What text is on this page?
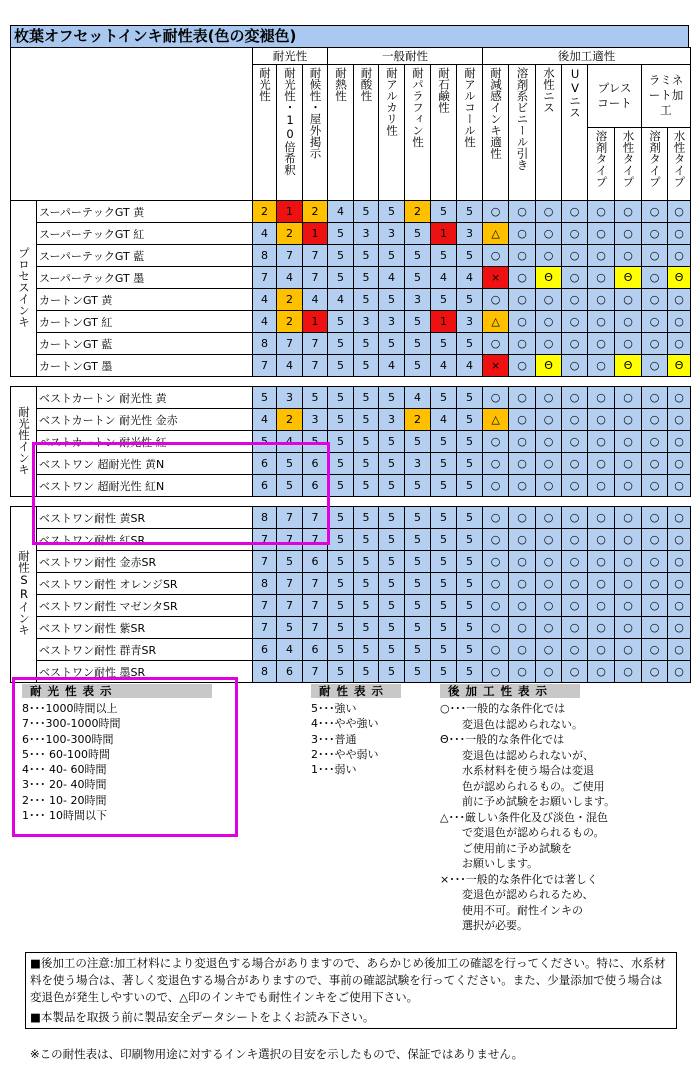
枚葉オフセットインキ耐性表(色の変褪色)
		耐光性			一般耐性						後加工適性							
		耐光性	耐光性・10倍希釈	耐候性・屋外掲示	耐熱性	耐酸性	耐アルカリ性	耐パラフィン性	耐石鹸性	耐アルコール性	耐減感インキ適性	溶剤系ビニール引き	水性ニス	UVニス	プレスコート		ラミネート加工	
															溶剤タイプ	水性タイプ	溶剤タイプ	水性タイプ
プロセスインキ	スーパーテックGT 黄	2	1	2	4	5	5	2	5	5	○	○	○	○	○	○	○	○
	スーパーテックGT 紅	4	2	1	5	3	3	5	1	3	△	○	○	○	○	○	○	○
	スーパーテックGT 藍	8	7	7	5	5	5	5	5	5	○	○	○	○	○	○	○	○
	スーパーテックGT 墨	7	4	7	5	5	4	5	4	4	×	○	Θ	○	○	Θ	○	Θ
	カートンGT 黄	4	2	4	4	5	5	3	5	5	○	○	○	○	○	○	○	○
	カートンGT 紅	4	2	1	5	3	3	5	1	3	△	○	○	○	○	○	○	○
	カートンGT 藍	8	7	7	5	5	5	5	5	5	○	○	○	○	○	○	○	○
	カートンGT 墨	7	4	7	5	5	4	5	4	4	×	○	Θ	○	○	Θ	○	Θ

耐光性インキ	ベストカートン 耐光性 黄	5	3	5	5	5	5	4	5	5	○	○	○	○	○	○	○	○
	ベストカートン 耐光性 金赤	4	2	3	5	5	3	2	4	5	△	○	○	○	○	○	○	○
	ベストカートン 耐光性 紅	5	4	5	5	5	5	5	5	5	○	○	○	○	○	○	○	○
	ベストワン 超耐光性 黄N	6	5	6	5	5	5	3	5	5	○	○	○	○	○	○	○	○
	ベストワン 超耐光性 紅N	6	5	6	5	5	5	5	5	5	○	○	○	○	○	○	○	○

耐性SRインキ	ベストワン耐性 黄SR	8	7	7	5	5	5	5	5	5	○	○	○	○	○	○	○	○
	ベストワン耐性 紅SR	7	7	7	5	5	5	5	5	5	○	○	○	○	○	○	○	○
	ベストワン耐性 金赤SR	7	5	6	5	5	5	5	5	5	○	○	○	○	○	○	○	○
	ベストワン耐性 オレンジSR	8	7	7	5	5	5	5	5	5	○	○	○	○	○	○	○	○
	ベストワン耐性 マゼンタSR	7	7	7	5	5	5	5	5	5	○	○	○	○	○	○	○	○
	ベストワン耐性 紫SR	7	5	7	5	5	5	5	5	5	○	○	○	○	○	○	○	○
	ベストワン耐性 群青SR	6	4	6	5	5	5	5	5	5	○	○	○	○	○	○	○	○
	ベストワン耐性 墨SR	8	6	7	5	5	5	5	5	5	○	○	○	○	○	○	○	○
耐光性表示
8･･･1000時間以上
7･･･300-1000時間
6･･･100-300時間
5･･･ 60-100時間
4･･･ 40- 60時間
3･･･ 20- 40時間
2･･･ 10- 20時間
1･･･ 10時間以下
耐性表示
5･･･強い
4･･･やや強い
3･･･普通
2･･･やや弱い
1･･･弱い
後加工性表示
○･･･一般的な条件化では
　　変退色は認められない。
Θ･･･一般的な条件化では
　　変退色は認められないが、
　　水系材料を使う場合は変退
　　色が認められるもの。ご使用
　　前に予め試験をお願いします。
△･･･厳しい条件化及び淡色・混色
　　で変退色が認められるもの。
　　ご使用前に予め試験を
　　お願いします。
×･･･一般的な条件化では著しく
　　変退色が認められるため、
　　使用不可。耐性インキの
　　選択が必要。
■後加工の注意:加工材料により変退色する場合がありますので、あらかじめ後加工の確認を行ってください。特に、水系材料を使う場合は、著しく変退色する場合がありますので、事前の確認試験を行ってください。また、少量添加で使う場合は変退色が発生しやすいので、△印のインキでも耐性インキをご使用下さい。
■本製品を取扱う前に製品安全データシートをよくお読み下さい。
※この耐性表は、印刷物用途に対するインキ選択の目安を示したもので、保証ではありません。
